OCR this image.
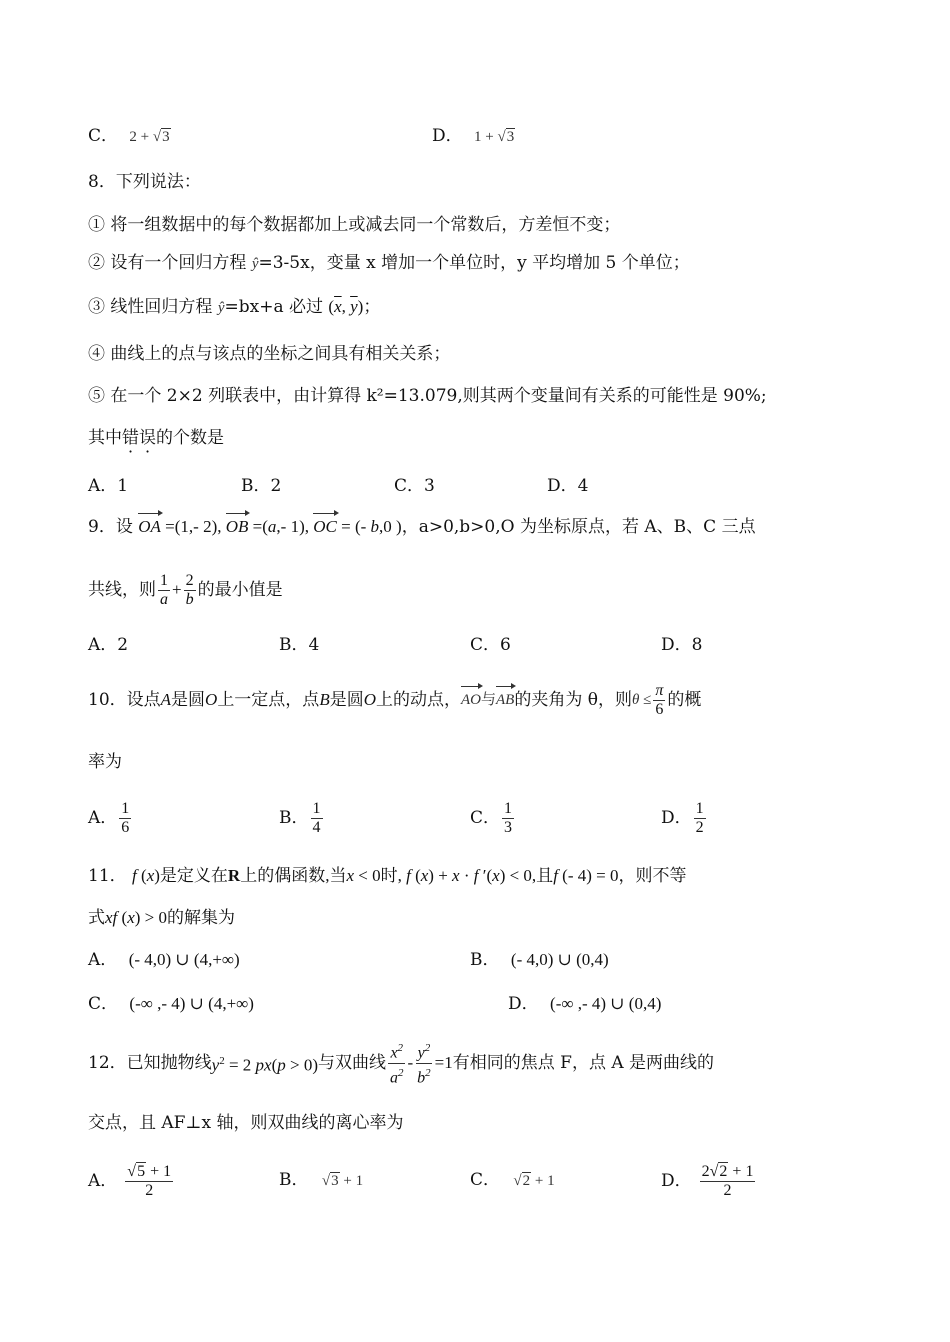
C． 2 + √3	D． 1 + √3
8．下列说法：
① 将一组数据中的每个数据都加上或减去同一个常数后，方差恒不变；
② 设有一个回归方程 ŷ=3-5x，变量 x 增加一个单位时，y 平均增加 5 个单位；
③ 线性回归方程 ŷ=bx+a 必过 ($\overline{x}$, $\overline{y}$)；
④ 曲线上的点与该点的坐标之间具有相关关系；
⑤ 在一个 2×2 列联表中，由计算得 k²=13.079,则其两个变量间有关系的可能性是 90%;
其中错误的个数是
A．1	B．2	C．3	D．4
9．设 OA =(1,- 2), OB =(a,- 1), OC = (- b,0 )，a>0,b>0,O 为坐标原点，若 A、B、C 三点
共线，则 $\frac{1}{a} + \frac{2}{b}$ 的最小值是
A．2	B．4	C．6	D．8
10．设点 A 是圆 O 上一定点，点 B 是圆 O 上的动点， AO与AB 的夹角为 θ，则 $\theta \le \frac{\pi}{6}$ 的概
率为
A． $\frac{1}{6}$	B． $\frac{1}{4}$	C． $\frac{1}{3}$	D． $\frac{1}{2}$
11． f (x)是定义在R上的偶函数,当x < 0时, f (x) + x · f ′(x) < 0,且f (- 4) = 0，则不等
式xf (x) > 0的解集为
A． (- 4,0) ∪ (4,+∞)	B． (- 4,0) ∪ (0,4)
C． (-∞ ,- 4) ∪ (4,+∞)	D． (-∞ ,- 4) ∪ (0,4)
12．已知抛物线 $y^2 = 2$ px(p > 0) 与双曲线 $\frac{x^2}{a^2} - \frac{y^2}{b^2} =1$ 有相同的焦点 F，点 A 是两曲线的
交点，且 AF⊥x 轴，则双曲线的离心率为
A． $\frac{√5 + 1}{2}$	B． √3 + 1	C． √2 + 1	D． $\frac{2√2 + 1}{2}$
